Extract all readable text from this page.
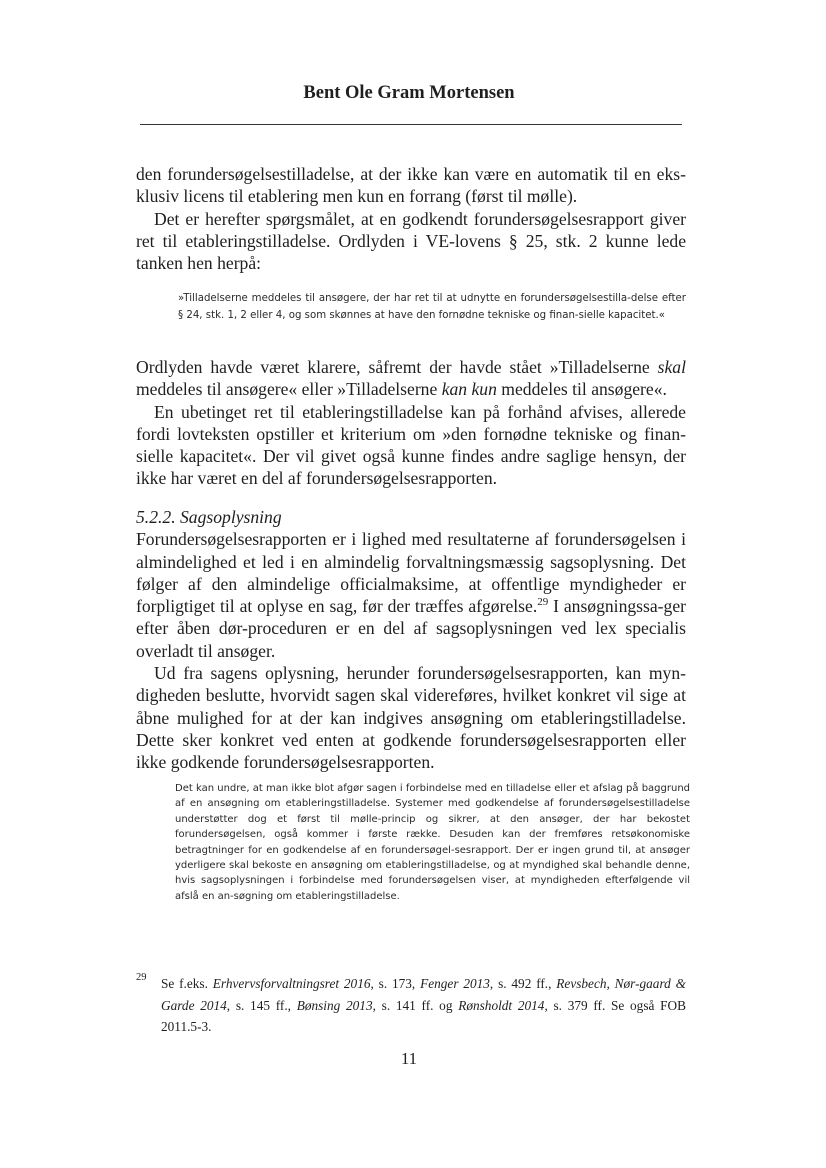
Bent Ole Gram Mortensen

den forundersøgelsestilladelse, at der ikke kan være en automatik til en eks-klusiv licens til etablering men kun en forrang (først til mølle).

Det er herefter spørgsmålet, at en godkendt forundersøgelsesrapport giver ret til etableringstilladelse. Ordlyden i VE-lovens § 25, stk. 2 kunne lede tanken hen herpå:

»Tilladelserne meddeles til ansøgere, der har ret til at udnytte en forundersøgelsestilla-delse efter § 24, stk. 1, 2 eller 4, og som skønnes at have den fornødne tekniske og finan-sielle kapacitet.«

Ordlyden havde været klarere, såfremt der havde stået »Tilladelserne skal meddeles til ansøgere« eller »Tilladelserne kan kun meddeles til ansøgere«.

En ubetinget ret til etableringstilladelse kan på forhånd afvises, allerede fordi lovteksten opstiller et kriterium om »den fornødne tekniske og finan-sielle kapacitet«. Der vil givet også kunne findes andre saglige hensyn, der ikke har været en del af forundersøgelsesrapporten.

5.2.2. Sagsoplysning

Forundersøgelsesrapporten er i lighed med resultaterne af forundersøgelsen i almindelighed et led i en almindelig forvaltningsmæssig sagsoplysning. Det følger af den almindelige officialmaksime, at offentlige myndigheder er forpligtiget til at oplyse en sag, før der træffes afgørelse.$^{29}$ I ansøgningssa-ger efter åben dør-proceduren er en del af sagsoplysningen ved lex specialis overladt til ansøger.

Ud fra sagens oplysning, herunder forundersøgelsesrapporten, kan myn-digheden beslutte, hvorvidt sagen skal videreføres, hvilket konkret vil sige at åbne mulighed for at der kan indgives ansøgning om etableringstilladelse. Dette sker konkret ved enten at godkende forundersøgelsesrapporten eller ikke godkende forundersøgelsesrapporten.

Det kan undre, at man ikke blot afgør sagen i forbindelse med en tilladelse eller et afslag på baggrund af en ansøgning om etableringstilladelse. Systemer med godkendelse af forundersøgelsestilladelse understøtter dog et først til mølle-princip og sikrer, at den ansøger, der har bekostet forundersøgelsen, også kommer i første række. Desuden kan der fremføres retsøkonomiske betragtninger for en godkendelse af en forundersøgel-sesrapport. Der er ingen grund til, at ansøger yderligere skal bekoste en ansøgning om etableringstilladelse, og at myndighed skal behandle denne, hvis sagsoplysningen i forbindelse med forundersøgelsen viser, at myndigheden efterfølgende vil afslå en an-søgning om etableringstilladelse.
29	Se f.eks. Erhvervsforvaltningsret 2016, s. 173, Fenger 2013, s. 492 ff., Revsbech, Nør-gaard & Garde 2014, s. 145 ff., Bønsing 2013, s. 141 ff. og Rønsholdt 2014, s. 379 ff. Se også FOB 2011.5-3.
11
